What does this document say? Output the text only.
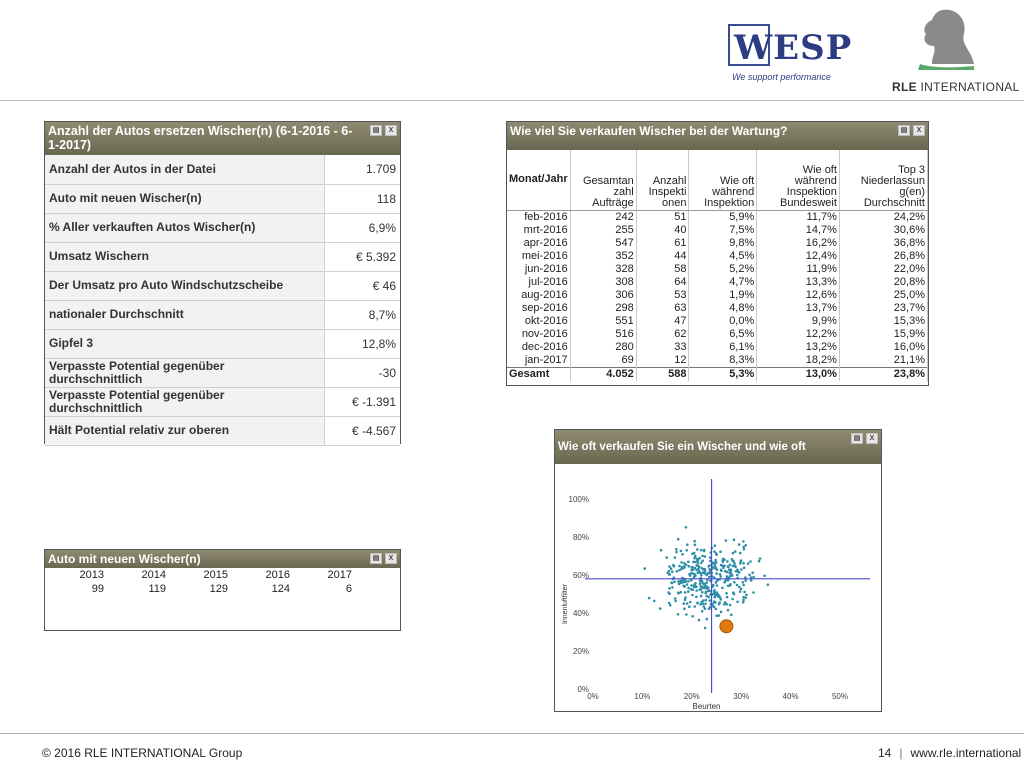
WESP
We support performance
RLE INTERNATIONAL
Anzahl der Autos ersetzen Wischer(n) (6-1-2016 - 6-1-2017)
▤	X
Anzahl der Autos in der Datei	1.709

Auto mit neuen Wischer(n)	118

% Aller verkauften Autos Wischer(n)	6,9%

Umsatz Wischern	€ 5.392

Der Umsatz pro Auto Windschutzscheibe	€ 46

nationaler Durchschnitt	8,7%

Gipfel 3	12,8%

Verpasste Potential gegenüber durchschnittlich	-30

Verpasste Potential gegenüber durchschnittlich	€ -1.391

Hält Potential relativ zur oberen	€ -4.567
Auto mit neuen Wischer(n)	▤	X
2013	2014	2015	2016	2017
99	119	129	124	6
Wie viel Sie verkaufen Wischer bei der Wartung?	▤	X
Monat/Jahr	Gesamtan zahl Aufträge	Anzahl Inspekti onen	Wie oft während Inspektion	Wie oft während Inspektion Bundesweit	Top 3 Niederlassun g(en) Durchschnitt
feb-2016	242	51	5,9%	11,7%	24,2%
mrt-2016	255	40	7,5%	14,7%	30,6%
apr-2016	547	61	9,8%	16,2%	36,8%
mei-2016	352	44	4,5%	12,4%	26,8%
jun-2016	328	58	5,2%	11,9%	22,0%
jul-2016	308	64	4,7%	13,3%	20,8%
aug-2016	306	53	1,9%	12,6%	25,0%
sep-2016	298	63	4,8%	13,7%	23,7%
okt-2016	551	47	0,0%	9,9%	15,3%
nov-2016	516	62	6,5%	12,2%	15,9%
dec-2016	280	33	6,1%	13,2%	16,0%
jan-2017	69	12	8,3%	18,2%	21,1%
Gesamt	4.052	588	5,3%	13,0%	23,8%
Wie oft verkaufen Sie ein Wischer und wie oft gewartet werden?
▤	X
0%
20%
40%
60%
80%
100%
0%	10%	20%	30%	40%	50%
Beurten
Innenluftfilter
© 2016 RLE INTERNATIONAL Group	14 | www.rle.international
